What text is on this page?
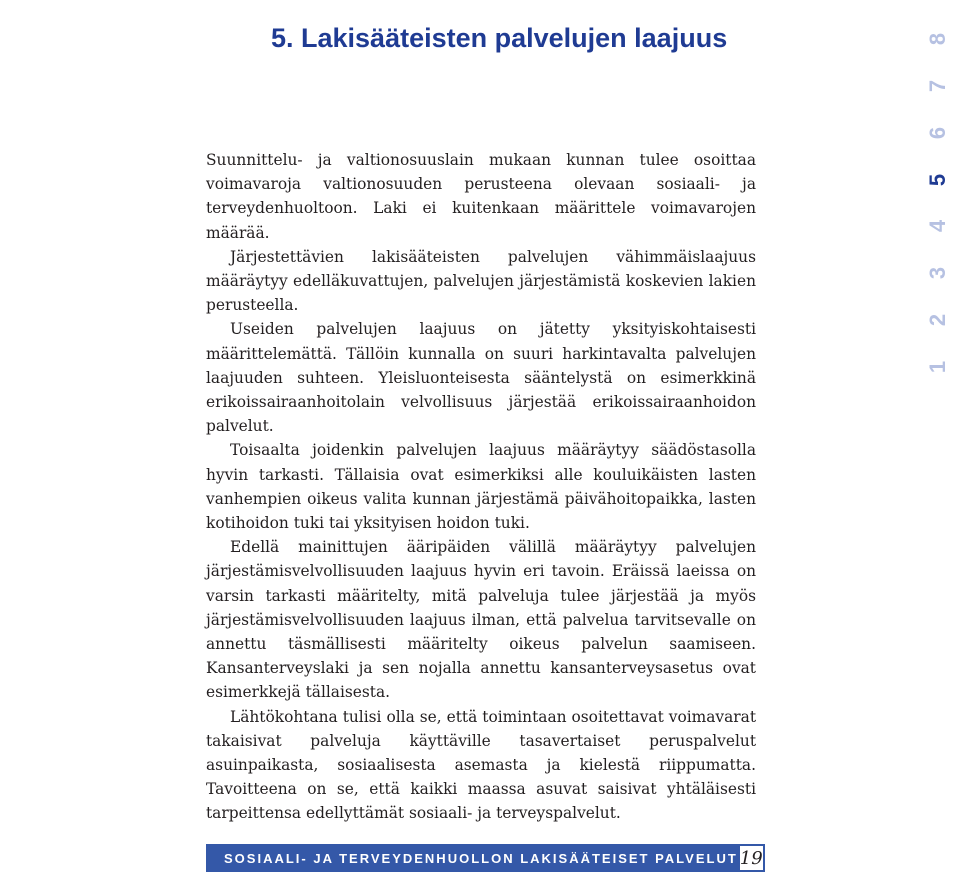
5. Lakisääteisten palvelujen laajuus
1
2
3
4
5
6
7
8

Suunnittelu- ja valtionosuuslain mukaan kunnan tulee osoittaa voimavaroja valtionosuuden perusteena olevaan sosiaali- ja terveydenhuoltoon. Laki ei kuitenkaan määrittele voimavarojen määrää.

Järjestettävien lakisääteisten palvelujen vähimmäislaajuus määräytyy edelläkuvattujen, palvelujen järjestämistä koskevien lakien perusteella.

Useiden palvelujen laajuus on jätetty yksityiskohtaisesti määrittelemättä. Tällöin kunnalla on suuri harkintavalta palvelujen laajuuden suhteen. Yleisluonteisesta sääntelystä on esimerkkinä erikoissairaanhoitolain velvollisuus järjestää erikoissairaanhoidon palvelut.

Toisaalta joidenkin palvelujen laajuus määräytyy säädöstasolla hyvin tarkasti. Tällaisia ovat esimerkiksi alle kouluikäisten lasten vanhempien oikeus valita kunnan järjestämä päivähoitopaikka, lasten kotihoidon tuki tai yksityisen hoidon tuki.

Edellä mainittujen ääripäiden välillä määräytyy palvelujen järjestämisvelvollisuuden laajuus hyvin eri tavoin. Eräissä laeissa on varsin tarkasti määritelty, mitä palveluja tulee järjestää ja myös järjestämisvelvollisuuden laajuus ilman, että palvelua tarvitsevalle on annettu täsmällisesti määritelty oikeus palvelun saamiseen. Kansanterveyslaki ja sen nojalla annettu kansanterveysasetus ovat esimerkkejä tällaisesta.

Lähtökohtana tulisi olla se, että toimintaan osoitettavat voimavarat takaisivat palveluja käyttäville tasavertaiset peruspalvelut asuinpaikasta, sosiaalisesta asemasta ja kielestä riippumatta. Tavoitteena on se, että kaikki maassa asuvat saisivat yhtäläisesti tarpeittensa edellyttämät sosiaali- ja terveyspalvelut.

SOSIAALI- JA TERVEYDENHUOLLON LAKISÄÄTEISET PALVELUT 19
